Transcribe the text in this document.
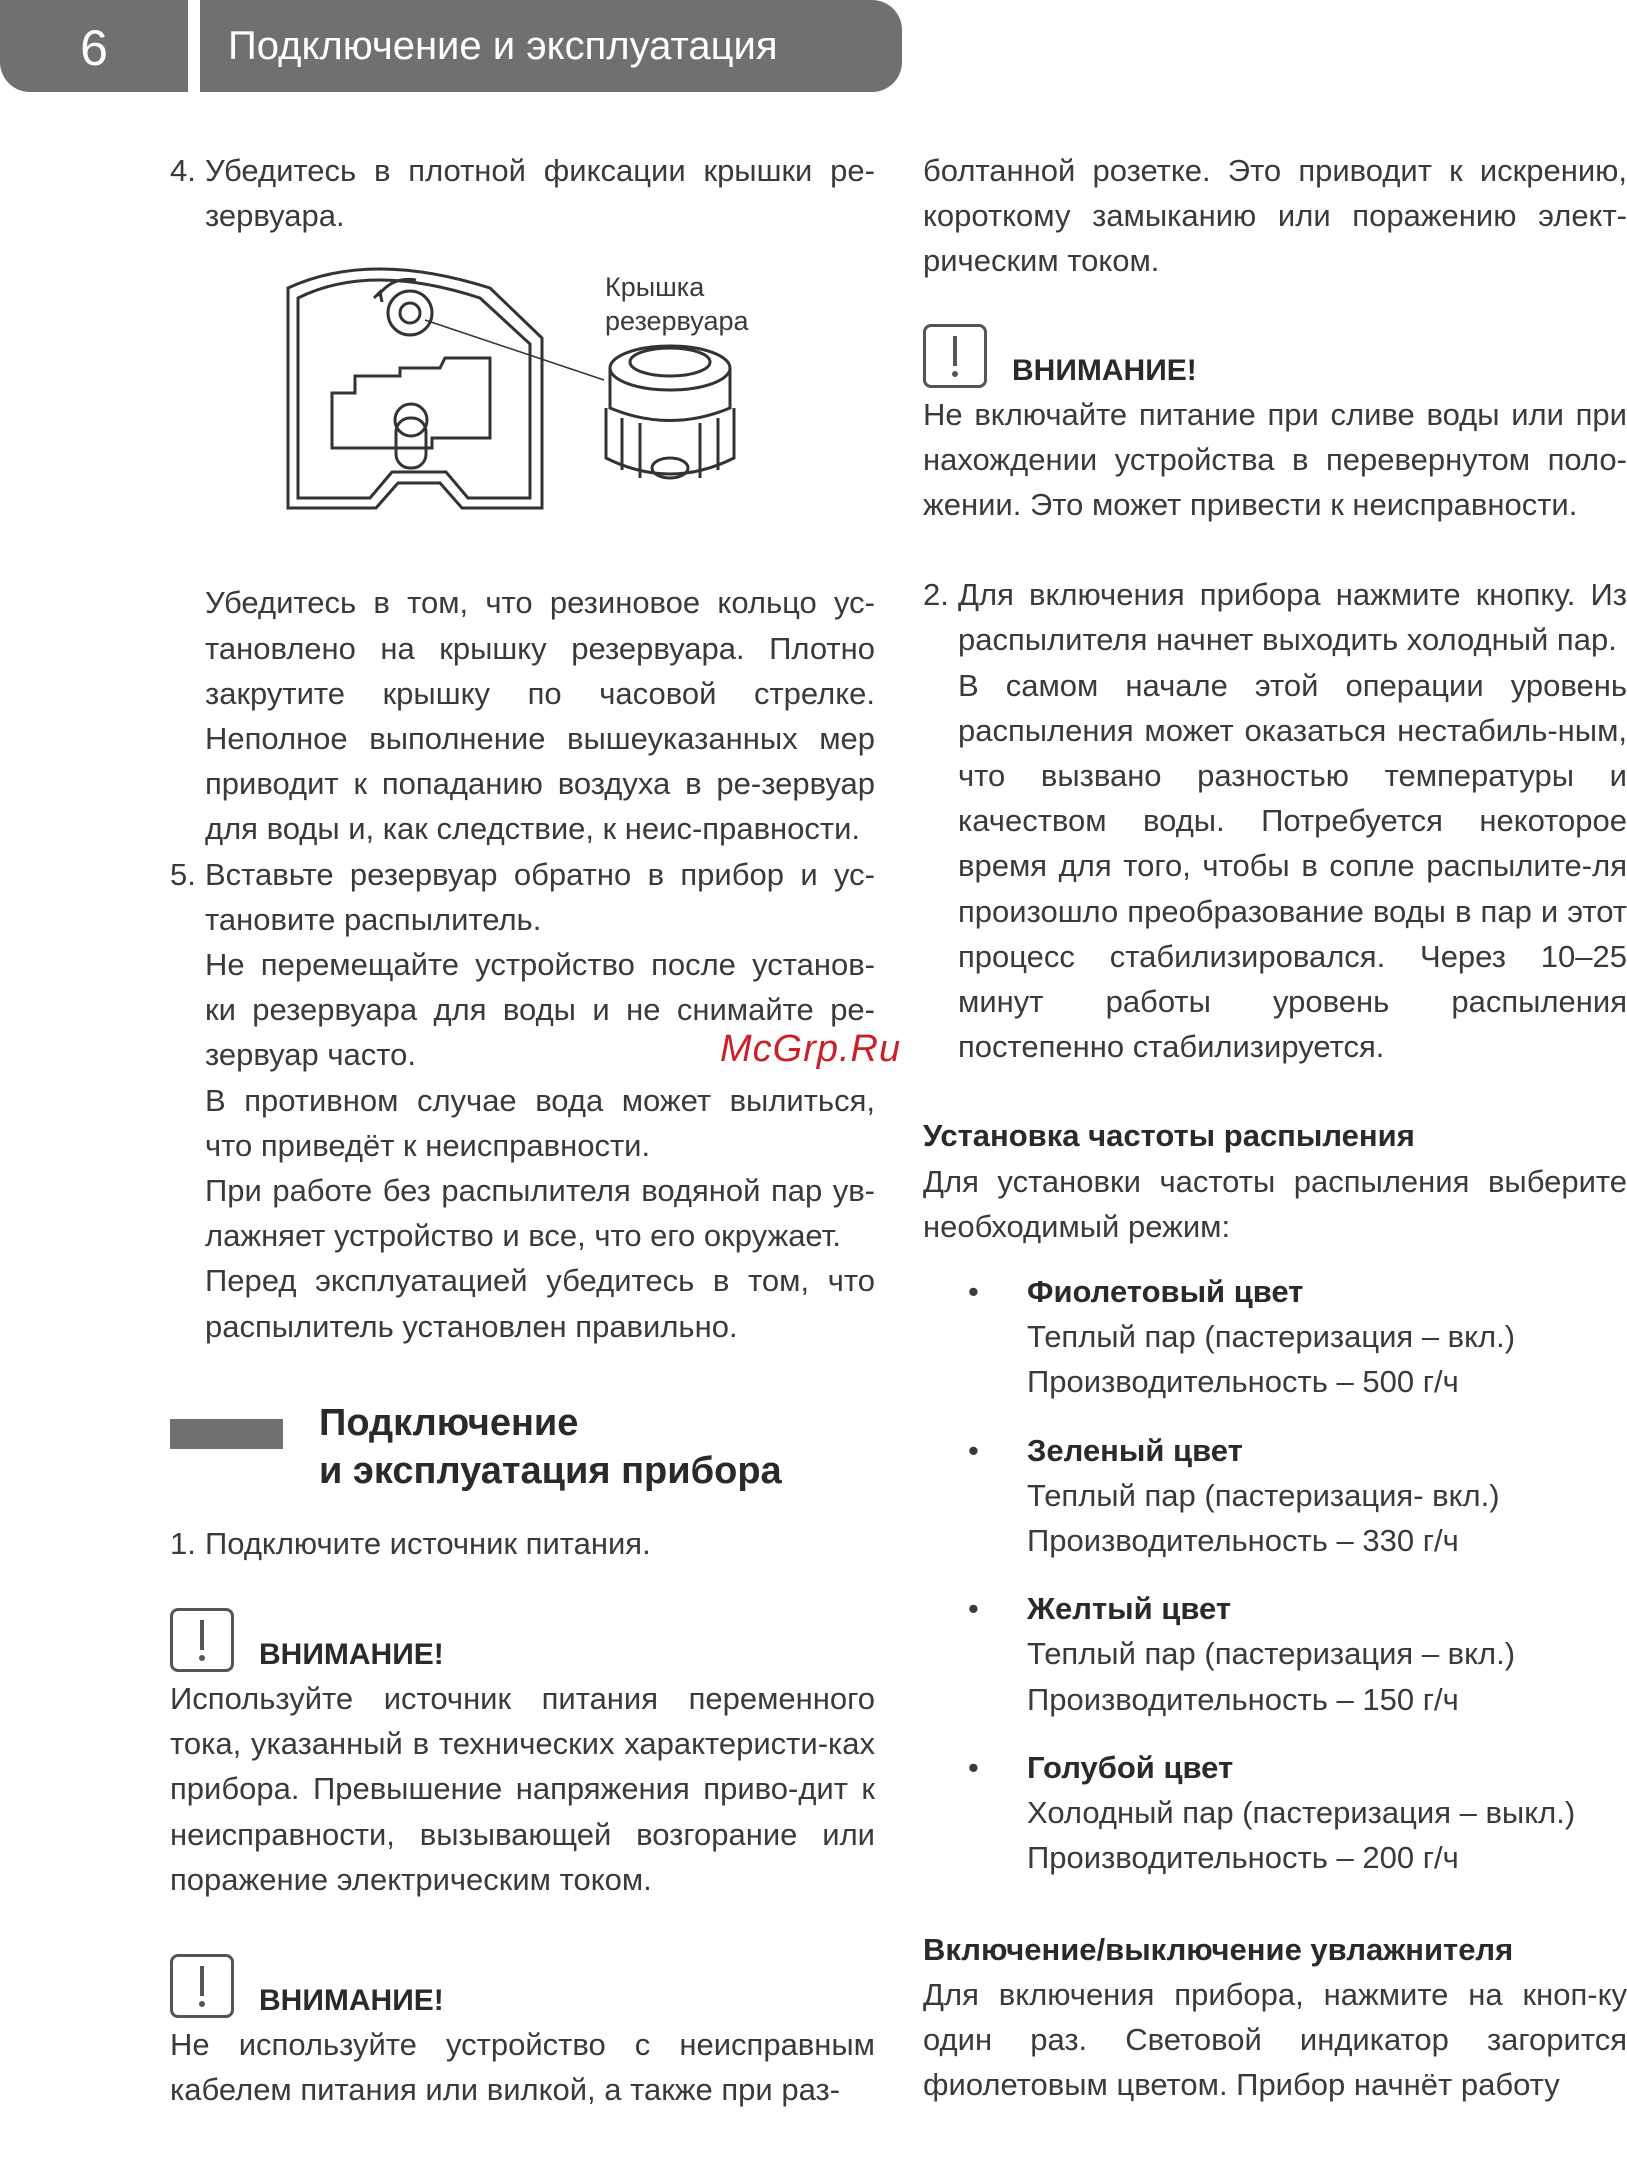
6	Подключение и эксплуатация
4. Убедитесь в плотной фиксации крышки ре-зервуара.
Крышка резервуара

Убедитесь в том, что резиновое кольцо ус-тановлено на крышку резервуара. Плотно закрутите крышку по часовой стрелке. Неполное выполнение вышеуказанных мер приводит к попаданию воздуха в ре-зервуар для воды и, как следствие, к неис-правности.

5. Вставьте резервуар обратно в прибор и ус-тановите распылитель.

Не перемещайте устройство после установ-ки резервуара для воды и не снимайте ре-зервуар часто.

В противном случае вода может вылиться, что приведёт к неисправности.

При работе без распылителя водяной пар ув-лажняет устройство и все, что его окружает.

Перед эксплуатацией убедитесь в том, что распылитель установлен правильно.

Подключение
и эксплуатация прибора
1. Подключите источник питания.
ВНИМАНИЕ!

Используйте источник питания переменного тока, указанный в технических характеристи-ках прибора. Превышение напряжения приво-дит к неисправности, вызывающей возгорание или поражение электрическим током.

ВНИМАНИЕ!

Не используйте устройство с неисправным кабелем питания или вилкой, а также при раз-

болтанной розетке. Это приводит к искрению, короткому замыканию или поражению элект-рическим током.

ВНИМАНИЕ!

Не включайте питание при сливе воды или при нахождении устройства в перевернутом поло-жении. Это может привести к неисправности.

2. Для включения прибора нажмите кнопку. Из распылителя начнет выходить холодный пар.

В самом начале этой операции уровень распыления может оказаться нестабиль-ным, что вызвано разностью температуры и качеством воды. Потребуется некоторое время для того, чтобы в сопле распылите-ля произошло преобразование воды в пар и этот процесс стабилизировался. Через 10–25 минут работы уровень распыления постепенно стабилизируется.

Установка частоты распыления

Для установки частоты распыления выберите необходимый режим:

•	Фиолетовый цвет
Теплый пар (пастеризация – вкл.)
Производительность – 500 г/ч
•	Зеленый цвет
Теплый пар (пастеризация- вкл.)
Производительность – 330 г/ч
•	Желтый цвет
Теплый пар (пастеризация – вкл.)
Производительность – 150 г/ч
•	Голубой цвет
Холодный пар (пастеризация – выкл.)
Производительность – 200 г/ч

Включение/выключение увлажнителя

Для включения прибора, нажмите на кноп-ку один раз. Световой индикатор загорится фиолетовым цветом. Прибор начнёт работу

McGrp.Ru
